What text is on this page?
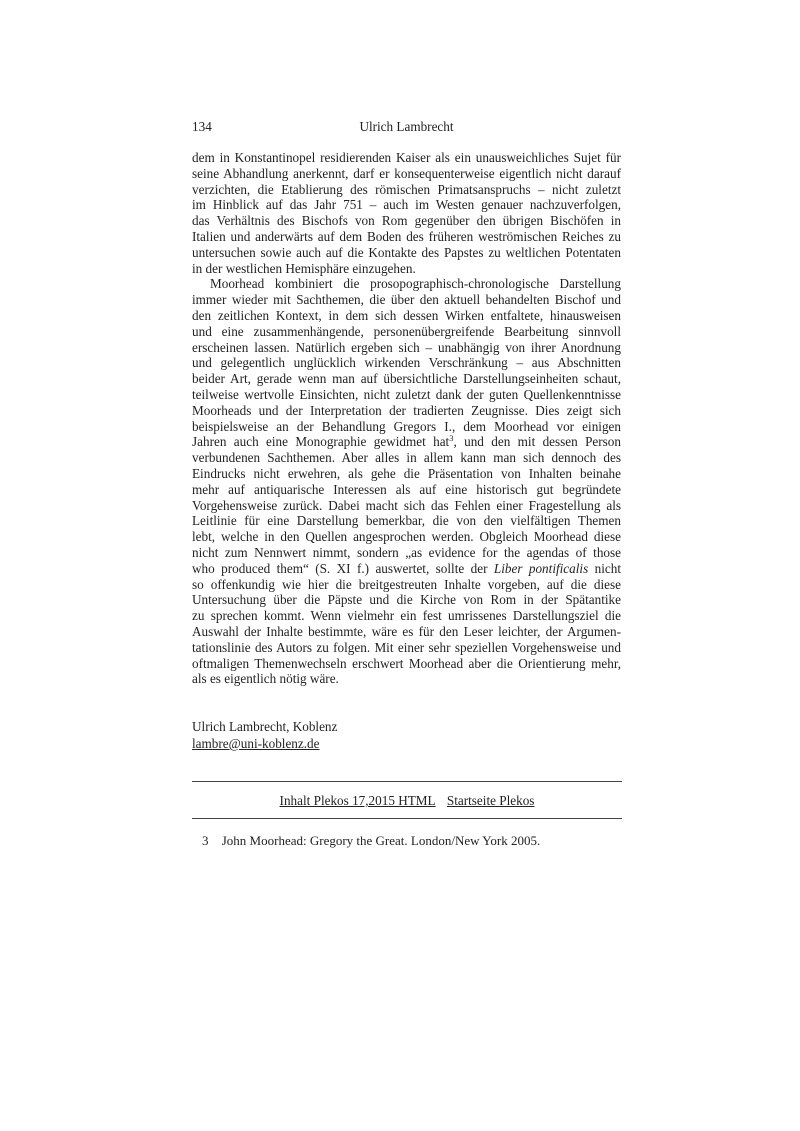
134	Ulrich Lambrecht
dem in Konstantinopel residierenden Kaiser als ein unausweichliches Sujet für
seine Abhandlung anerkennt, darf er konsequenterweise eigentlich nicht darauf
verzichten, die Etablierung des römischen Primatsanspruchs – nicht zuletzt
im Hinblick auf das Jahr 751 – auch im Westen genauer nachzuverfolgen,
das Verhältnis des Bischofs von Rom gegenüber den übrigen Bischöfen in
Italien und anderwärts auf dem Boden des früheren weströmischen Reiches zu
untersuchen sowie auch auf die Kontakte des Papstes zu weltlichen Potentaten
in der westlichen Hemisphäre einzugehen.
Moorhead kombiniert die prosopographisch-chronologische Darstellung
immer wieder mit Sachthemen, die über den aktuell behandelten Bischof und
den zeitlichen Kontext, in dem sich dessen Wirken entfaltete, hinausweisen
und eine zusammenhängende, personenübergreifende Bearbeitung sinnvoll
erscheinen lassen. Natürlich ergeben sich – unabhängig von ihrer Anordnung
und gelegentlich unglücklich wirkenden Verschränkung – aus Abschnitten
beider Art, gerade wenn man auf übersichtliche Darstellungseinheiten schaut,
teilweise wertvolle Einsichten, nicht zuletzt dank der guten Quellenkenntnisse
Moorheads und der Interpretation der tradierten Zeugnisse. Dies zeigt sich
beispielsweise an der Behandlung Gregors I., dem Moorhead vor einigen
Jahren auch eine Monographie gewidmet hat$^3$, und den mit dessen Person
verbundenen Sachthemen. Aber alles in allem kann man sich dennoch des
Eindrucks nicht erwehren, als gehe die Präsentation von Inhalten beinahe
mehr auf antiquarische Interessen als auf eine historisch gut begründete
Vorgehensweise zurück. Dabei macht sich das Fehlen einer Fragestellung als
Leitlinie für eine Darstellung bemerkbar, die von den vielfältigen Themen
lebt, welche in den Quellen angesprochen werden. Obgleich Moorhead diese
nicht zum Nennwert nimmt, sondern „as evidence for the agendas of those
who produced them“ (S. XI f.) auswertet, sollte der Liber pontificalis nicht
so offenkundig wie hier die breitgestreuten Inhalte vorgeben, auf die diese
Untersuchung über die Päpste und die Kirche von Rom in der Spätantike
zu sprechen kommt. Wenn vielmehr ein fest umrissenes Darstellungsziel die
Auswahl der Inhalte bestimmte, wäre es für den Leser leichter, der Argumen-
tationslinie des Autors zu folgen. Mit einer sehr speziellen Vorgehensweise und
oftmaligen Themenwechseln erschwert Moorhead aber die Orientierung mehr,
als es eigentlich nötig wäre.
Ulrich Lambrecht, Koblenz
lambre@uni-koblenz.de
Inhalt Plekos 17,2015 HTML Startseite Plekos
3 John Moorhead: Gregory the Great. London/New York 2005.
